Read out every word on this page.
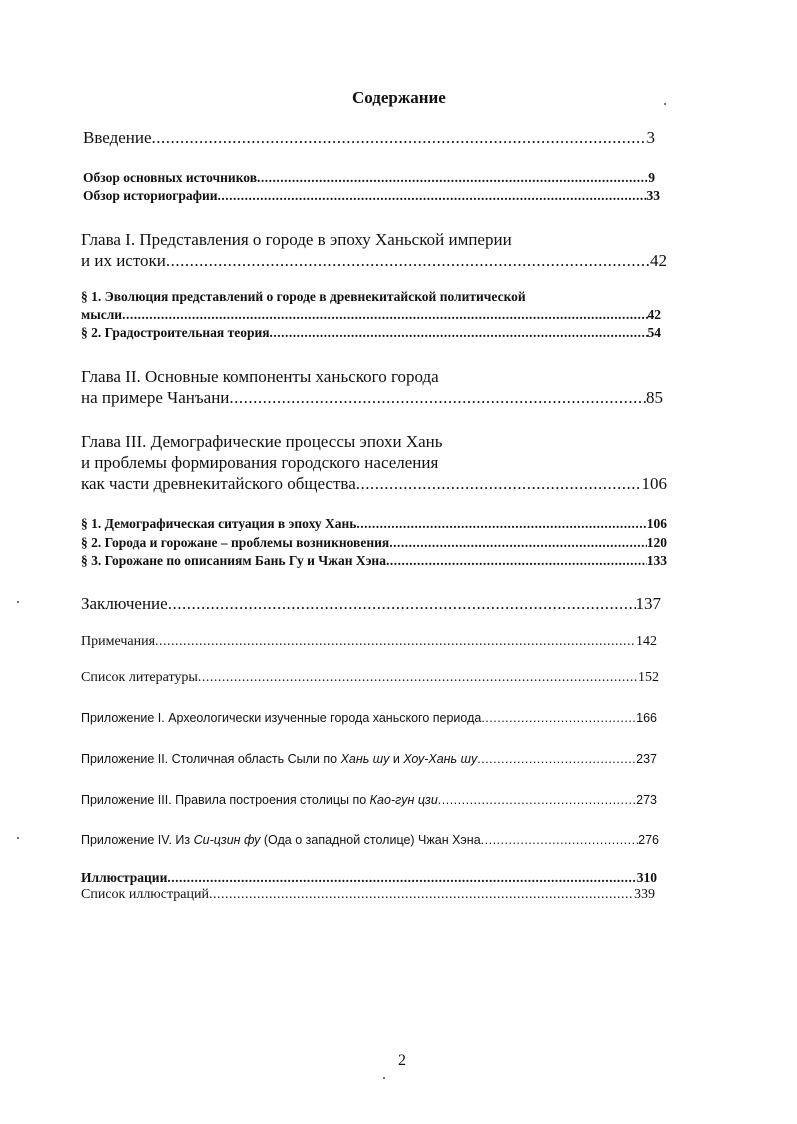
Содержание
Введение .....	3
Обзор основных источников .....	9
Обзор историографии .....	33
Глава I. Представления о городе в эпоху Ханьской империи
и их истоки .....	42
§ 1. Эволюция представлений о городе в древнекитайской политической
мысли .....	42
§ 2. Градостроительная теория .....	54
Глава II. Основные компоненты ханьского города
на примере Чанъани .....	85
Глава III. Демографические процессы эпохи Хань
и проблемы формирования городского населения
как части древнекитайского общества .....	106
§ 1. Демографическая ситуация в эпоху Хань .....	106
§ 2. Города и горожане – проблемы возникновения .....	120
§ 3. Горожане по описаниям Бань Гу и Чжан Хэна .....	133
Заключение .....	137
Примечания .....	142
Список литературы .....	152
Приложение I. Археологически изученные города ханьского периода .....	166
Приложение II. Столичная область Сыли по Хань шу и Хоу-Хань шу .....	237
Приложение III. Правила построения столицы по Као-гун цзи .....	273
Приложение IV. Из Си-цзин фу (Ода о западной столице) Чжан Хэна .....	276
Иллюстрации .....	310
Список иллюстраций .....	339
2
